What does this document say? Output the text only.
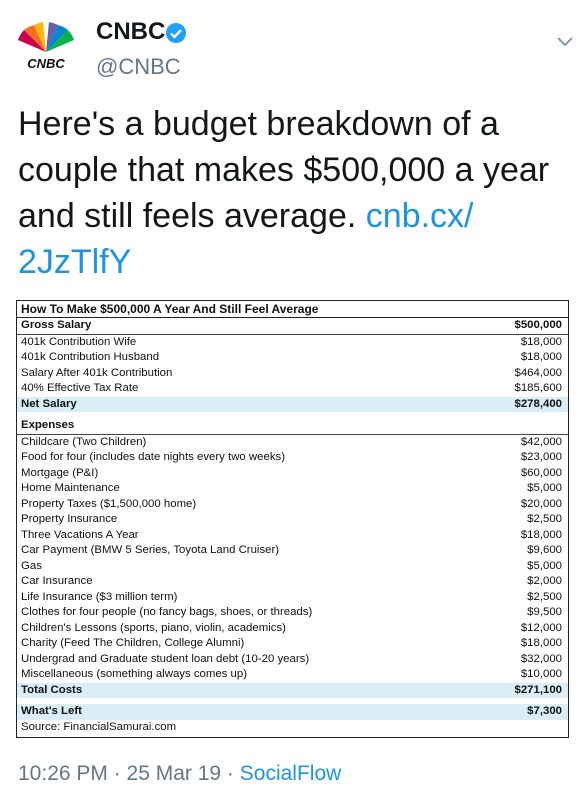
CNBC
CNBC
@CNBC
Here's a budget breakdown of a couple that makes $500,000 a year and still feels average. cnb.cx/ 2JzTlfY
How To Make $500,000 A Year And Still Feel Average
Gross Salary	$500,000
401k Contribution Wife	$18,000
401k Contribution Husband	$18,000
Salary After 401k Contribution	$464,000
40% Effective Tax Rate	$185,600
Net Salary	$278,400
Expenses
Childcare (Two Children)	$42,000
Food for four (includes date nights every two weeks)	$23,000
Mortgage (P&I)	$60,000
Home Maintenance	$5,000
Property Taxes ($1,500,000 home)	$20,000
Property Insurance	$2,500
Three Vacations A Year	$18,000
Car Payment (BMW 5 Series, Toyota Land Cruiser)	$9,600
Gas	$5,000
Car Insurance	$2,000
Life Insurance ($3 million term)	$2,500
Clothes for four people (no fancy bags, shoes, or threads)	$9,500
Children's Lessons (sports, piano, violin, academics)	$12,000
Charity (Feed The Children, College Alumni)	$18,000
Undergrad and Graduate student loan debt (10-20 years)	$32,000
Miscellaneous (something always comes up)	$10,000
Total Costs	$271,100
What's Left	$7,300
Source: FinancialSamurai.com
10:26 PM · 25 Mar 19 · SocialFlow
